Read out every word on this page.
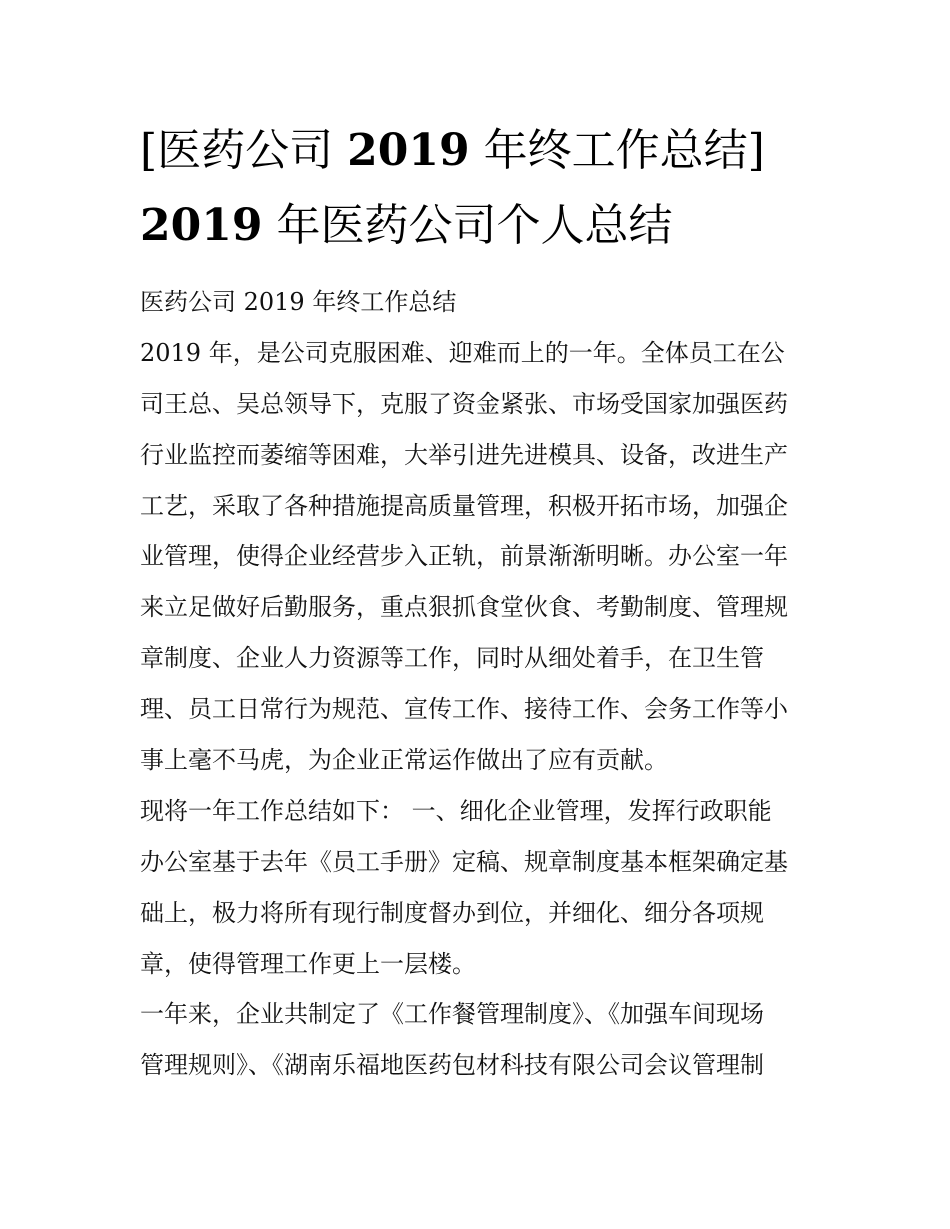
[医药公司 2019 年终工作总结]
2019 年医药公司个人总结
医药公司 2019 年终工作总结
2019 年，是公司克服困难、迎难而上的一年。全体员工在公
司王总、吴总领导下，克服了资金紧张、市场受国家加强医药
行业监控而萎缩等困难，大举引进先进模具、设备，改进生产
工艺，采取了各种措施提高质量管理，积极开拓市场，加强企
业管理，使得企业经营步入正轨，前景渐渐明晰。办公室一年
来立足做好后勤服务，重点狠抓食堂伙食、考勤制度、管理规
章制度、企业人力资源等工作，同时从细处着手，在卫生管
理、员工日常行为规范、宣传工作、接待工作、会务工作等小
事上毫不马虎，为企业正常运作做出了应有贡献。
现将一年工作总结如下： 一、细化企业管理，发挥行政职能
办公室基于去年《员工手册》定稿、规章制度基本框架确定基
础上，极力将所有现行制度督办到位，并细化、细分各项规
章，使得管理工作更上一层楼。
一年来，企业共制定了《工作餐管理制度》、《加强车间现场
管理规则》、《湖南乐福地医药包材科技有限公司会议管理制
